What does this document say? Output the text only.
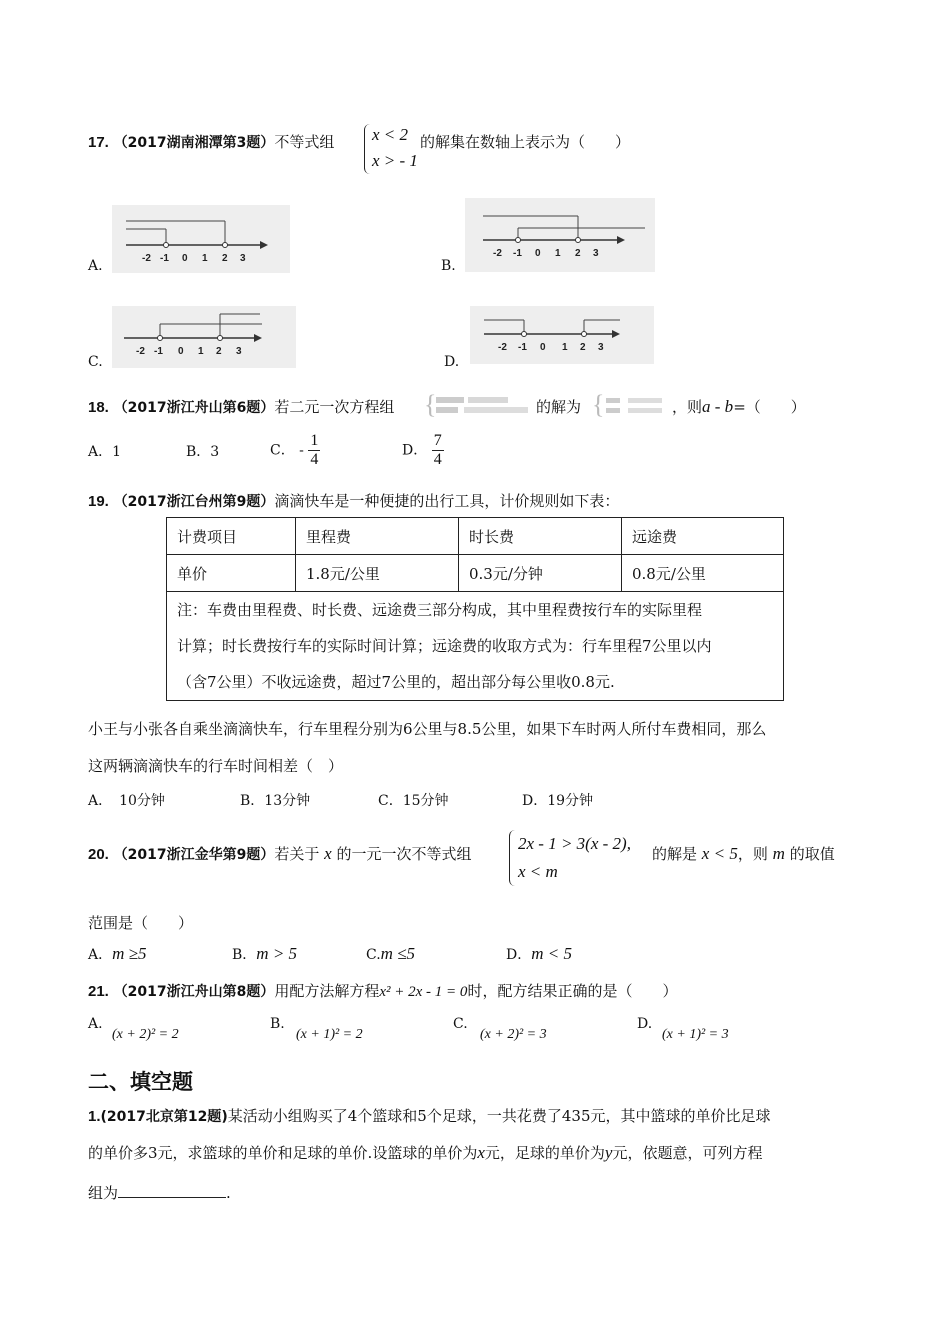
17. （2017湖南湘潭第3题）不等式组 x < 2
x > - 1
的解集在数轴上表示为（　　）
A.	-2 -1 0 1 2 3	B.
-2 -1 0 1 2 3
C.
-2 -1 0 1 2 3
D.
-2 -1 0 1 2 3
18. （2017浙江舟山第6题）若二元一次方程组 {	的解为 {	，则a - b=（　　）
A．1	B．3	C． - $\frac{1}{4}$	D． $\frac{7}{4}$
19. （2017浙江台州第9题）滴滴快车是一种便捷的出行工具，计价规则如下表：
计费项目	里程费	时长费	远途费
单价	1.8元/公里	0.3元/分钟	0.8元/公里

注：车费由里程费、时长费、远途费三部分构成，其中里程费按行车的实际里程
计算；时长费按行车的实际时间计算；远途费的收取方式为：行车里程7公里以内
（含7公里）不收远途费，超过7公里的，超出部分每公里收0.8元.			
小王与小张各自乘坐滴滴快车，行车里程分别为6公里与8.5公里，如果下车时两人所付车费相同，那么
这两辆滴滴快车的行车时间相差（　）
A．　10分钟	B．13分钟	C．15分钟	D．19分钟
20. （2017浙江金华第9题）若关于 x 的一元一次不等式组
2x - 1 > 3(x - 2),
x < m
的解是 x < 5，则 m 的取值
范围是（　　）
A．m ≥5	B．m > 5	C.m ≤5	D．m < 5
21. （2017浙江舟山第8题）用配方法解方程x² + 2x - 1 = 0时，配方结果正确的是（　　）
A.
(x + 2)² = 2
B.
(x + 1)² = 2
C.
(x + 2)² = 3
D.
(x + 1)² = 3
二、填空题
1.(2017北京第12题)某活动小组购买了4个篮球和5个足球，一共花费了435元，其中篮球的单价比足球
的单价多3元，求篮球的单价和足球的单价.设篮球的单价为x元，足球的单价为y元，依题意，可列方程
组为	.
